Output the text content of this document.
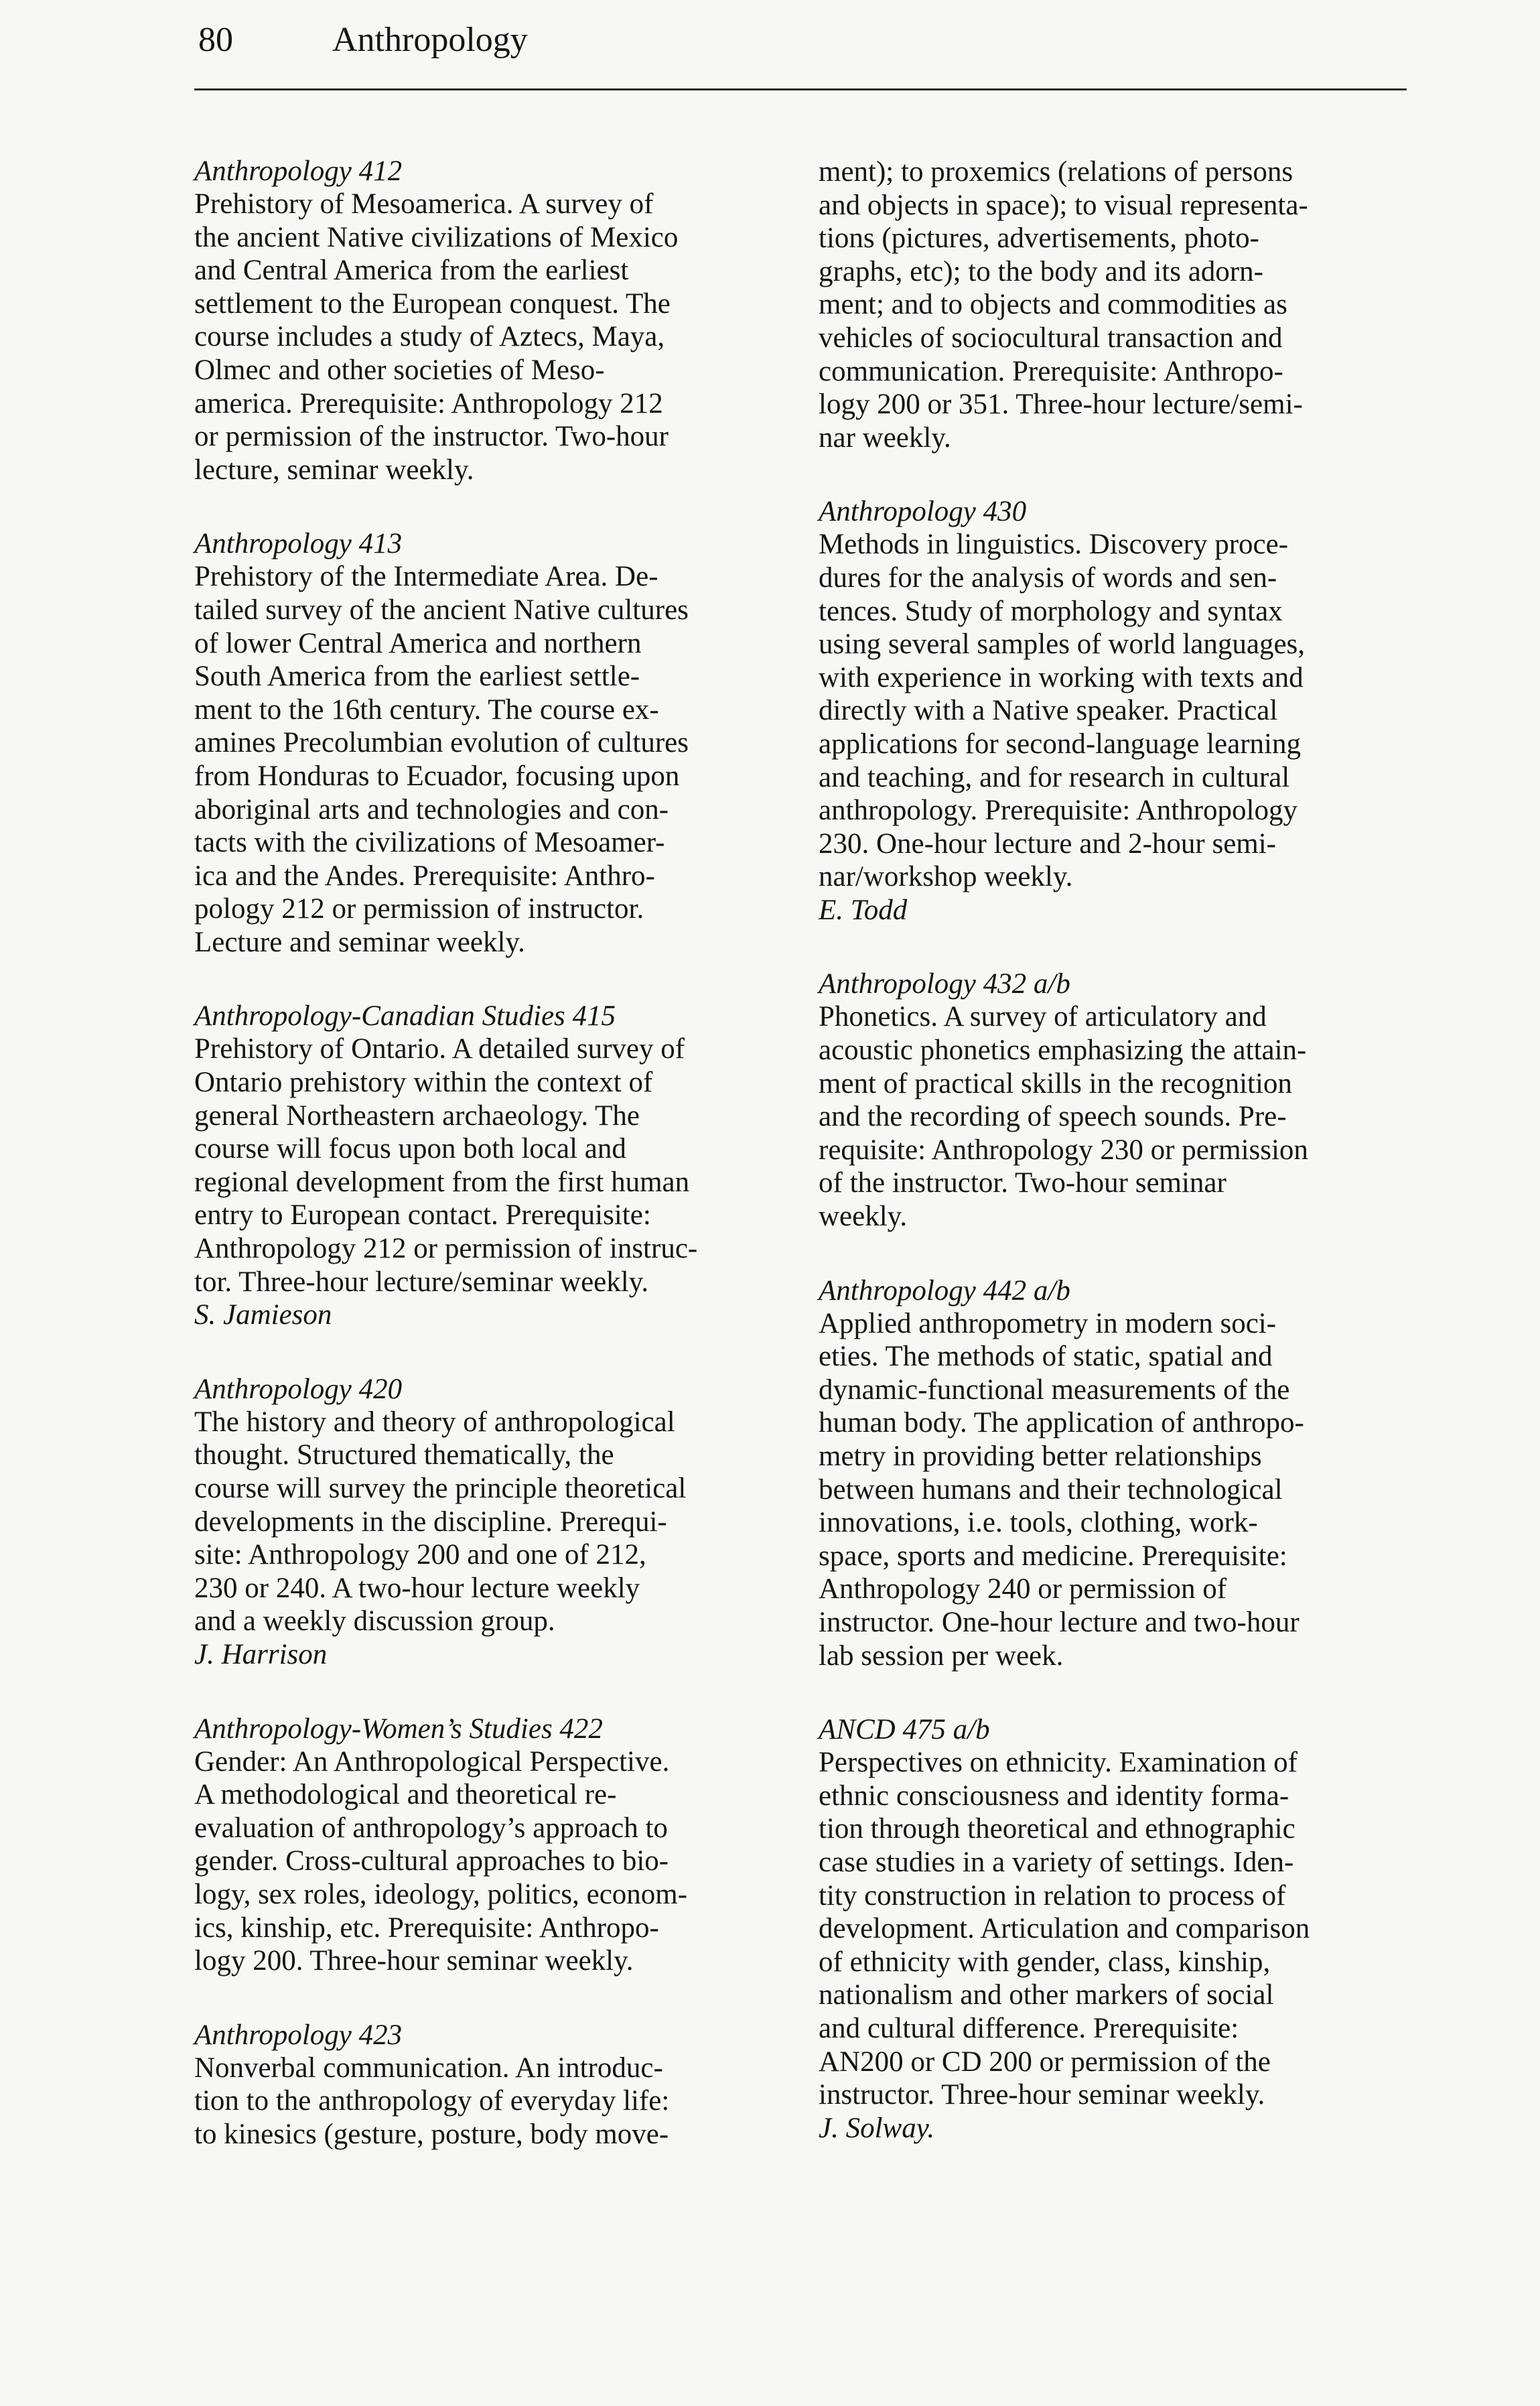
80	Anthropology
Anthropology 412
Prehistory of Mesoamerica. A survey of
the ancient Native civilizations of Mexico
and Central America from the earliest
settlement to the European conquest. The
course includes a study of Aztecs, Maya,
Olmec and other societies of Meso-
america. Prerequisite: Anthropology 212
or permission of the instructor. Two-hour
lecture, seminar weekly.
Anthropology 413
Prehistory of the Intermediate Area. De-
tailed survey of the ancient Native cultures
of lower Central America and northern
South America from the earliest settle-
ment to the 16th century. The course ex-
amines Precolumbian evolution of cultures
from Honduras to Ecuador, focusing upon
aboriginal arts and technologies and con-
tacts with the civilizations of Mesoamer-
ica and the Andes. Prerequisite: Anthro-
pology 212 or permission of instructor.
Lecture and seminar weekly.
Anthropology-Canadian Studies 415
Prehistory of Ontario. A detailed survey of
Ontario prehistory within the context of
general Northeastern archaeology. The
course will focus upon both local and
regional development from the first human
entry to European contact. Prerequisite:
Anthropology 212 or permission of instruc-
tor. Three-hour lecture/seminar weekly.
S. Jamieson
Anthropology 420
The history and theory of anthropological
thought. Structured thematically, the
course will survey the principle theoretical
developments in the discipline. Prerequi-
site: Anthropology 200 and one of 212,
230 or 240. A two-hour lecture weekly
and a weekly discussion group.
J. Harrison
Anthropology-Women’s Studies 422
Gender: An Anthropological Perspective.
A methodological and theoretical re-
evaluation of anthropology’s approach to
gender. Cross-cultural approaches to bio-
logy, sex roles, ideology, politics, econom-
ics, kinship, etc. Prerequisite: Anthropo-
logy 200. Three-hour seminar weekly.
Anthropology 423
Nonverbal communication. An introduc-
tion to the anthropology of everyday life:
to kinesics (gesture, posture, body move-
ment); to proxemics (relations of persons
and objects in space); to visual representa-
tions (pictures, advertisements, photo-
graphs, etc); to the body and its adorn-
ment; and to objects and commodities as
vehicles of sociocultural transaction and
communication. Prerequisite: Anthropo-
logy 200 or 351. Three-hour lecture/semi-
nar weekly.
Anthropology 430
Methods in linguistics. Discovery proce-
dures for the analysis of words and sen-
tences. Study of morphology and syntax
using several samples of world languages,
with experience in working with texts and
directly with a Native speaker. Practical
applications for second-language learning
and teaching, and for research in cultural
anthropology. Prerequisite: Anthropology
230. One-hour lecture and 2-hour semi-
nar/workshop weekly.
E. Todd
Anthropology 432 a/b
Phonetics. A survey of articulatory and
acoustic phonetics emphasizing the attain-
ment of practical skills in the recognition
and the recording of speech sounds. Pre-
requisite: Anthropology 230 or permission
of the instructor. Two-hour seminar
weekly.
Anthropology 442 a/b
Applied anthropometry in modern soci-
eties. The methods of static, spatial and
dynamic-functional measurements of the
human body. The application of anthropo-
metry in providing better relationships
between humans and their technological
innovations, i.e. tools, clothing, work-
space, sports and medicine. Prerequisite:
Anthropology 240 or permission of
instructor. One-hour lecture and two-hour
lab session per week.
ANCD 475 a/b
Perspectives on ethnicity. Examination of
ethnic consciousness and identity forma-
tion through theoretical and ethnographic
case studies in a variety of settings. Iden-
tity construction in relation to process of
development. Articulation and comparison
of ethnicity with gender, class, kinship,
nationalism and other markers of social
and cultural difference. Prerequisite:
AN200 or CD 200 or permission of the
instructor. Three-hour seminar weekly.
J. Solway.
